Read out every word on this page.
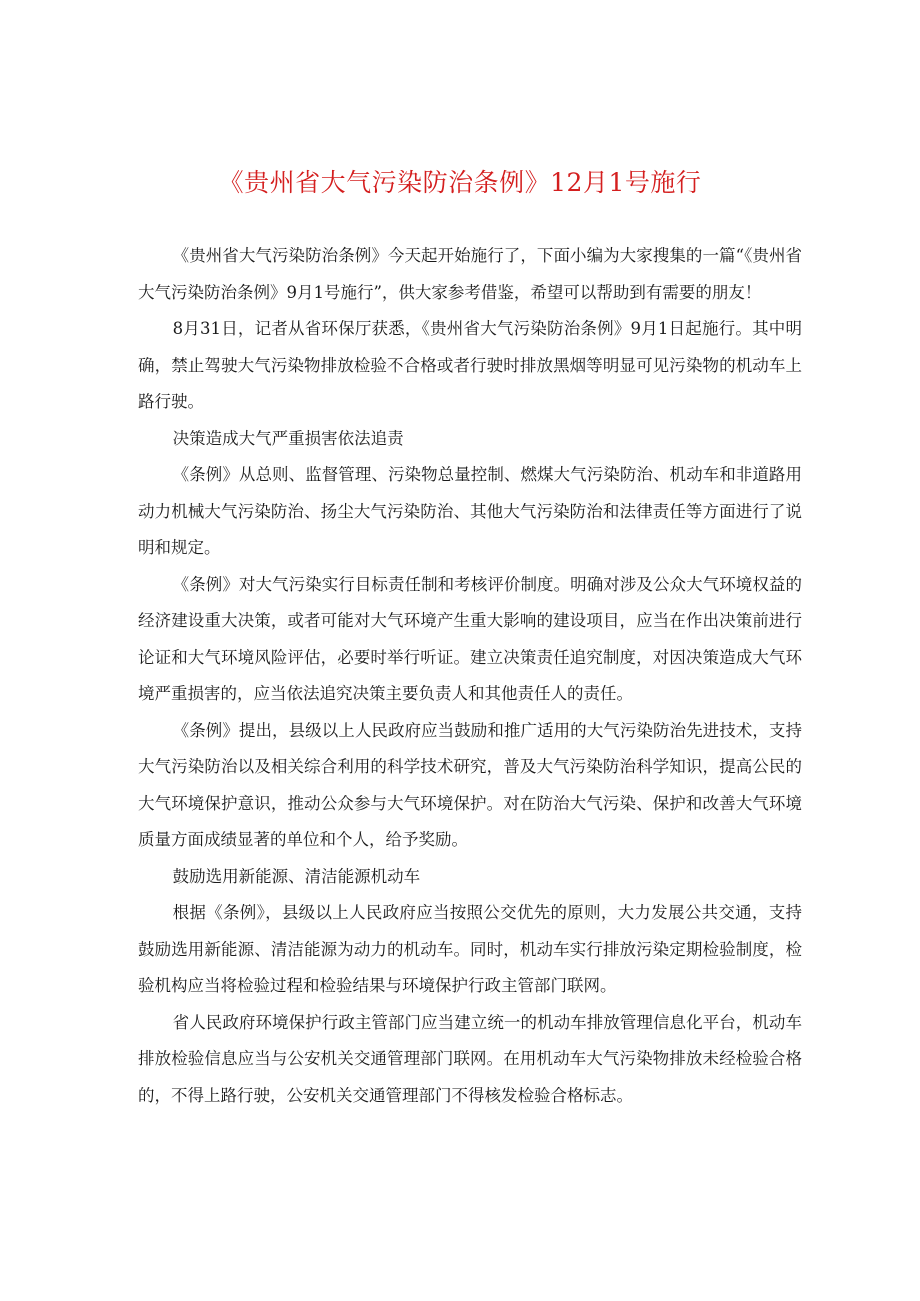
《贵州省大气污染防治条例》12月1号施行

《贵州省大气污染防治条例》今天起开始施行了，下面小编为大家搜集的一篇“《贵州省大气污染防治条例》9月1号施行”，供大家参考借鉴，希望可以帮助到有需要的朋友！

8月31日，记者从省环保厅获悉，《贵州省大气污染防治条例》9月1日起施行。其中明确，禁止驾驶大气污染物排放检验不合格或者行驶时排放黑烟等明显可见污染物的机动车上路行驶。

决策造成大气严重损害依法追责

《条例》从总则、监督管理、污染物总量控制、燃煤大气污染防治、机动车和非道路用动力机械大气污染防治、扬尘大气污染防治、其他大气污染防治和法律责任等方面进行了说明和规定。

《条例》对大气污染实行目标责任制和考核评价制度。明确对涉及公众大气环境权益的经济建设重大决策，或者可能对大气环境产生重大影响的建设项目，应当在作出决策前进行论证和大气环境风险评估，必要时举行听证。建立决策责任追究制度，对因决策造成大气环境严重损害的，应当依法追究决策主要负责人和其他责任人的责任。

《条例》提出，县级以上人民政府应当鼓励和推广适用的大气污染防治先进技术，支持大气污染防治以及相关综合利用的科学技术研究，普及大气污染防治科学知识，提高公民的大气环境保护意识，推动公众参与大气环境保护。对在防治大气污染、保护和改善大气环境质量方面成绩显著的单位和个人，给予奖励。

鼓励选用新能源、清洁能源机动车

根据《条例》，县级以上人民政府应当按照公交优先的原则，大力发展公共交通，支持鼓励选用新能源、清洁能源为动力的机动车。同时，机动车实行排放污染定期检验制度，检验机构应当将检验过程和检验结果与环境保护行政主管部门联网。

省人民政府环境保护行政主管部门应当建立统一的机动车排放管理信息化平台，机动车排放检验信息应当与公安机关交通管理部门联网。在用机动车大气污染物排放未经检验合格的，不得上路行驶，公安机关交通管理部门不得核发检验合格标志。
